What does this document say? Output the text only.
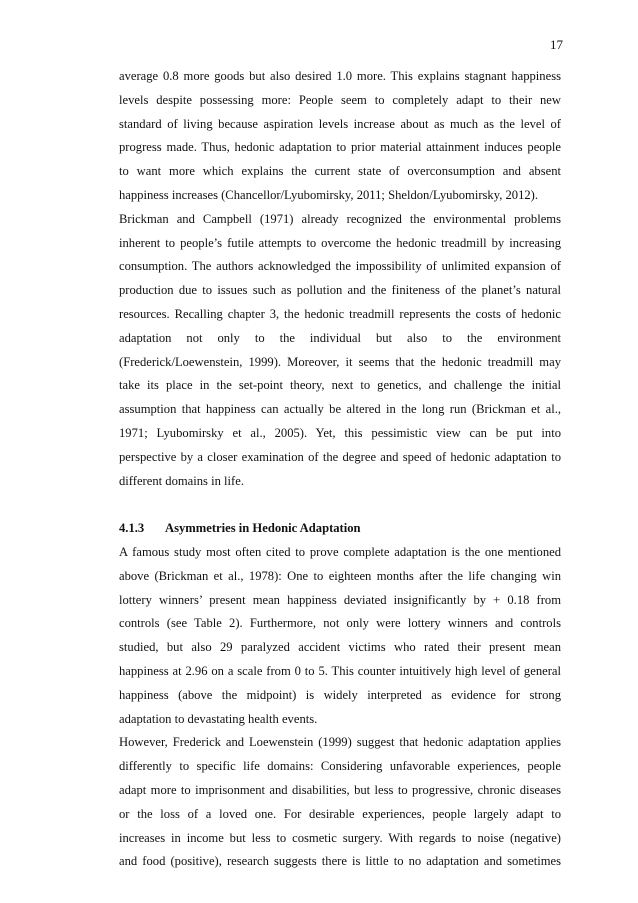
17
average 0.8 more goods but also desired 1.0 more. This explains stagnant happiness
levels despite possessing more: People seem to completely adapt to their new
standard of living because aspiration levels increase about as much as the level of
progress made. Thus, hedonic adaptation to prior material attainment induces people
to want more which explains the current state of overconsumption and absent
happiness increases (Chancellor/Lyubomirsky, 2011; Sheldon/Lyubomirsky, 2012).
Brickman and Campbell (1971) already recognized the environmental problems
inherent to people’s futile attempts to overcome the hedonic treadmill by increasing
consumption. The authors acknowledged the impossibility of unlimited expansion of
production due to issues such as pollution and the finiteness of the planet’s natural
resources. Recalling chapter 3, the hedonic treadmill represents the costs of hedonic
adaptation not only to the individual but also to the environment
(Frederick/Loewenstein, 1999). Moreover, it seems that the hedonic treadmill may
take its place in the set-point theory, next to genetics, and challenge the initial
assumption that happiness can actually be altered in the long run (Brickman et al.,
1971; Lyubomirsky et al., 2005). Yet, this pessimistic view can be put into
perspective by a closer examination of the degree and speed of hedonic adaptation to
different domains in life.
4.1.3 Asymmetries in Hedonic Adaptation
A famous study most often cited to prove complete adaptation is the one mentioned
above (Brickman et al., 1978): One to eighteen months after the life changing win
lottery winners’ present mean happiness deviated insignificantly by + 0.18 from
controls (see Table 2). Furthermore, not only were lottery winners and controls
studied, but also 29 paralyzed accident victims who rated their present mean
happiness at 2.96 on a scale from 0 to 5. This counter intuitively high level of general
happiness (above the midpoint) is widely interpreted as evidence for strong
adaptation to devastating health events.
However, Frederick and Loewenstein (1999) suggest that hedonic adaptation applies
differently to specific life domains: Considering unfavorable experiences, people
adapt more to imprisonment and disabilities, but less to progressive, chronic diseases
or the loss of a loved one. For desirable experiences, people largely adapt to
increases in income but less to cosmetic surgery. With regards to noise (negative)
and food (positive), research suggests there is little to no adaptation and sometimes
